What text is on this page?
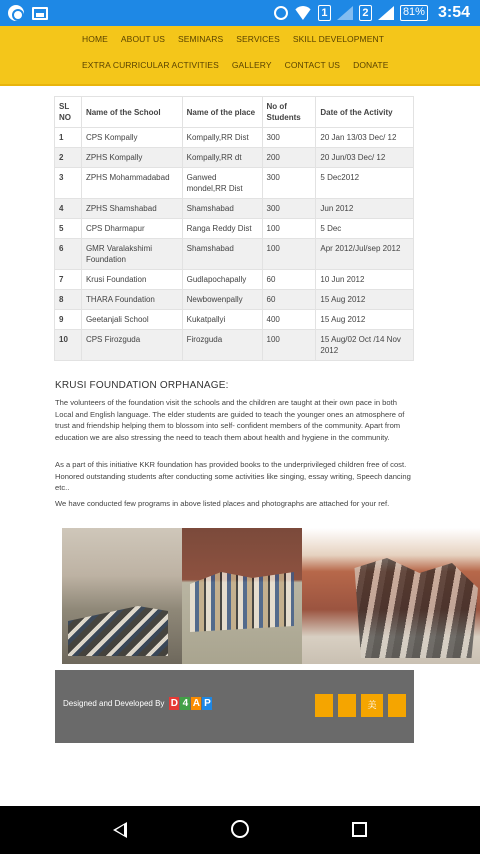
1	2	81% 3:54
HOME ABOUT US SEMINARS SERVICES SKILL DEVELOPMENT
EXTRA CURRICULAR ACTIVITIES GALLERY CONTACT US DONATE
SL NO	Name of the School	Name of the place	No of Students	Date of the Activity
1	CPS Kompally	Kompally,RR Dist	300	20 Jan 13/03 Dec/ 12
2	ZPHS Kompally	Kompally,RR dt	200	20 Jun/03 Dec/ 12
3	ZPHS Mohammadabad	Ganwed mondel,RR Dist	300	5 Dec2012
4	ZPHS Shamshabad	Shamshabad	300	Jun 2012
5	CPS Dharmapur	Ranga Reddy Dist	100	5 Dec
6	GMR Varalakshimi Foundation	Shamshabad	100	Apr 2012/Jul/sep 2012
7	Krusi Foundation	Gudlapochapally	60	10 Jun 2012
8	THARA Foundation	Newbowenpally	60	15 Aug 2012
9	Geetanjali School	Kukatpallyi	400	15 Aug 2012
10	CPS Firozguda	Firozguda	100	15 Aug/02 Oct /14 Nov 2012
KRUSI FOUNDATION ORPHANAGE:

The volunteers of the foundation visit the schools and the children are taught at their own pace in both Local and English language. The elder students are guided to teach the younger ones an atmosphere of trust and friendship helping them to blossom into self- confident members of the community. Apart from education we are also stressing the need to teach them about health and hygiene in the community.

As a part of this initiative KKR foundation has provided books to the underprivileged children free of cost. Honored outstanding students after conducting some activities like singing, essay writing, Speech dancing etc..

We have conducted few programs in above listed places and photographs are attached for your ref.

Designed and Developed By D 4 A P	美
